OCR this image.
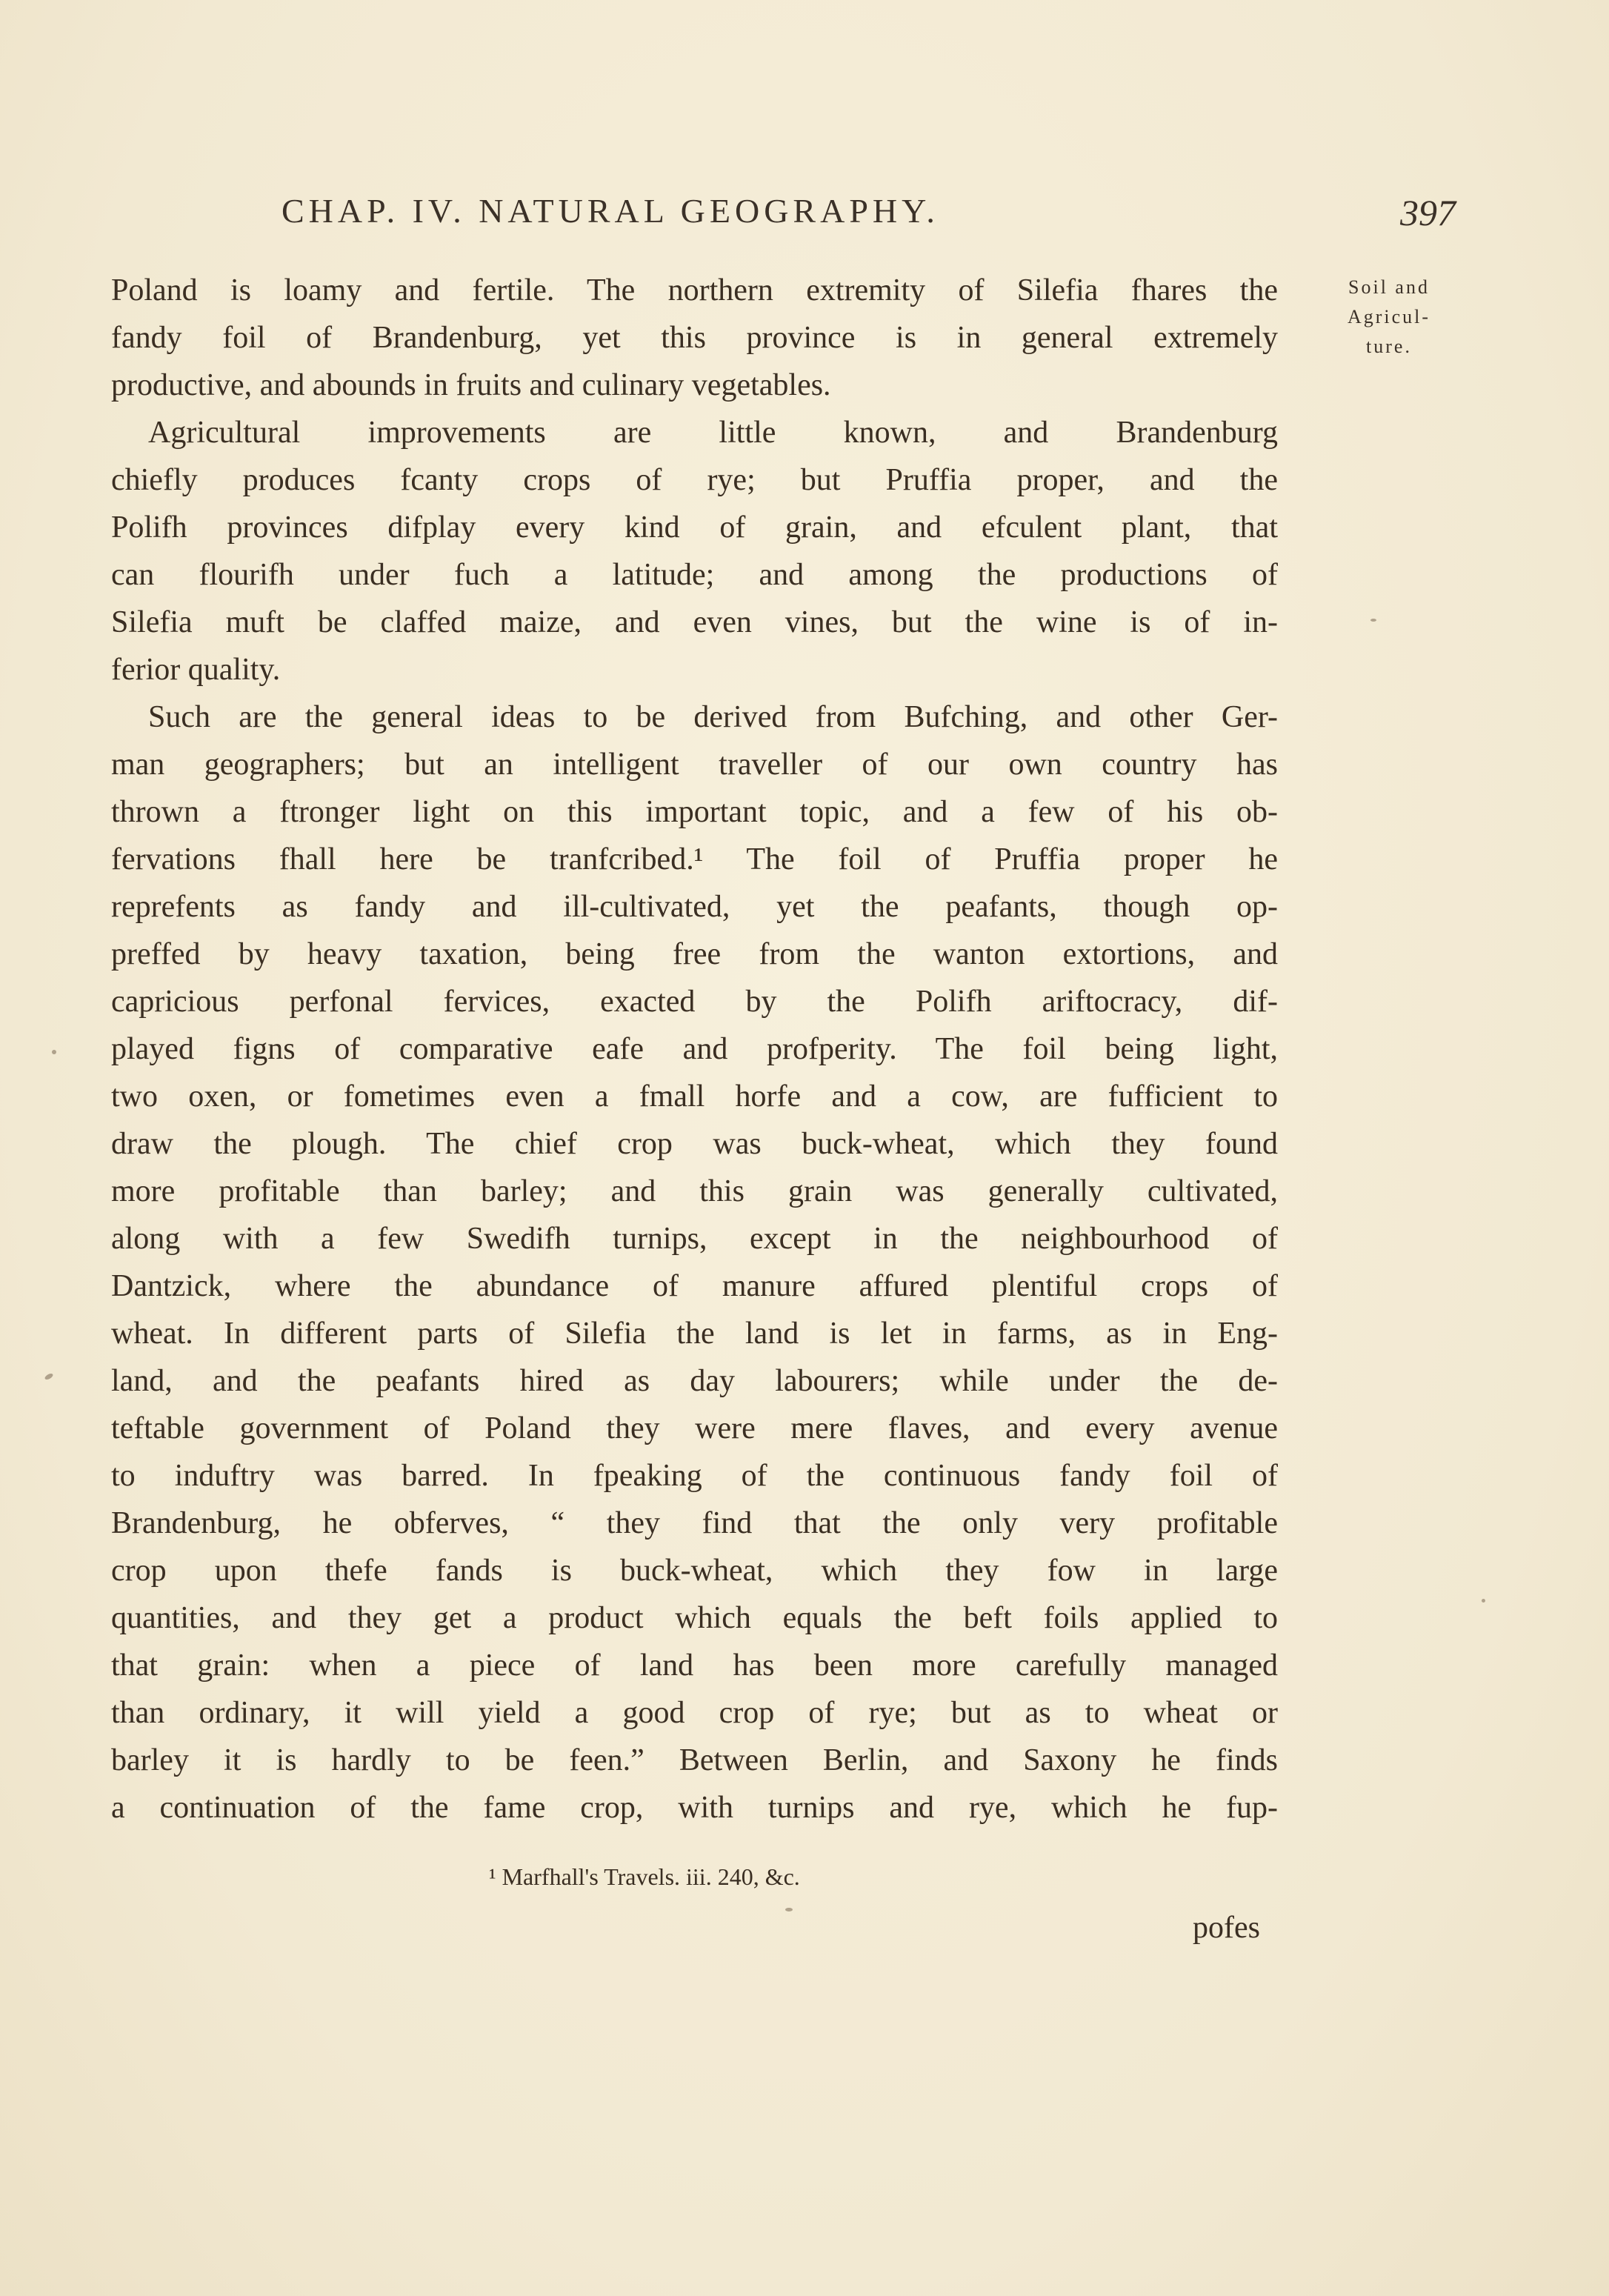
CHAP. IV. NATURAL GEOGRAPHY.	397
Soil and
Agricul-
ture.
Poland is loamy and fertile. The northern extremity of Silefia fhares the
fandy foil of Brandenburg, yet this province is in general extremely
productive, and abounds in fruits and culinary vegetables.
Agricultural improvements are little known, and Brandenburg
chiefly produces fcanty crops of rye; but Pruffia proper, and the
Polifh provinces difplay every kind of grain, and efculent plant, that
can flourifh under fuch a latitude; and among the productions of
Silefia muft be claffed maize, and even vines, but the wine is of in-
ferior quality.
Such are the general ideas to be derived from Bufching, and other Ger-
man geographers; but an intelligent traveller of our own country has
thrown a ftronger light on this important topic, and a few of his ob-
fervations fhall here be tranfcribed.¹ The foil of Pruffia proper he
reprefents as fandy and ill-cultivated, yet the peafants, though op-
preffed by heavy taxation, being free from the wanton extortions, and
capricious perfonal fervices, exacted by the Polifh ariftocracy, dif-
played figns of comparative eafe and profperity. The foil being light,
two oxen, or fometimes even a fmall horfe and a cow, are fufficient to
draw the plough. The chief crop was buck-wheat, which they found
more profitable than barley; and this grain was generally cultivated,
along with a few Swedifh turnips, except in the neighbourhood of
Dantzick, where the abundance of manure affured plentiful crops of
wheat. In different parts of Silefia the land is let in farms, as in Eng-
land, and the peafants hired as day labourers; while under the de-
teftable government of Poland they were mere flaves, and every avenue
to induftry was barred. In fpeaking of the continuous fandy foil of
Brandenburg, he obferves, “ they find that the only very profitable
crop upon thefe fands is buck-wheat, which they fow in large
quantities, and they get a product which equals the beft foils applied to
that grain: when a piece of land has been more carefully managed
than ordinary, it will yield a good crop of rye; but as to wheat or
barley it is hardly to be feen.” Between Berlin, and Saxony he finds
a continuation of the fame crop, with turnips and rye, which he fup-
¹ Marfhall's Travels. iii. 240, &c.
pofes
